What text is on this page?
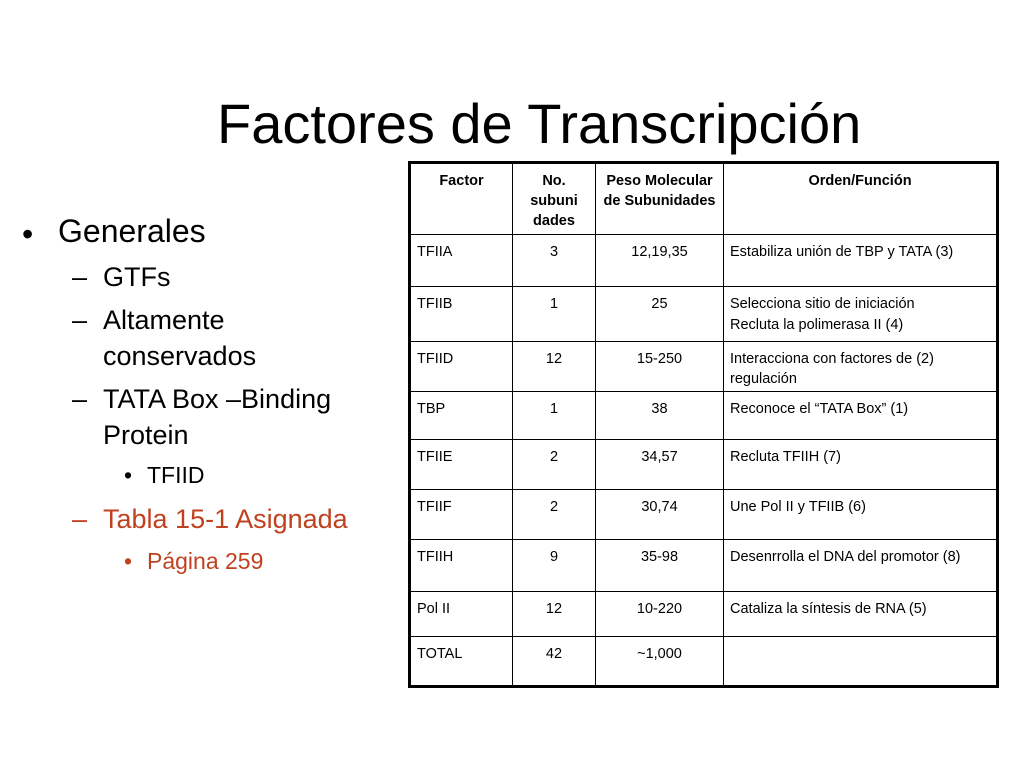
Factores de Transcripción
• Generales
– GTFs
– Altamente
conservados
– TATA Box –Binding
Protein
• TFIID
– Tabla 15-1 Asignada
• Página 259
Factor	No. subuni dades	Peso Molecular de Subunidades	Orden/Función
TFIIA	3	12,19,35	Estabiliza unión de TBP y TATA (3)
TFIIB	1	25	Selecciona sitio de iniciación
Recluta la polimerasa II (4)

TFIID	12	15-250	Interacciona con factores de (2) regulación
TBP	1	38	Reconoce el “TATA Box” (1)
TFIIE	2	34,57	Recluta TFIIH (7)
TFIIF	2	30,74	Une Pol II y TFIIB (6)
TFIIH	9	35-98	Desenrrolla el DNA del promotor (8)
Pol II	12	10-220	Cataliza la síntesis de RNA (5)
TOTAL	42	~1,000	
